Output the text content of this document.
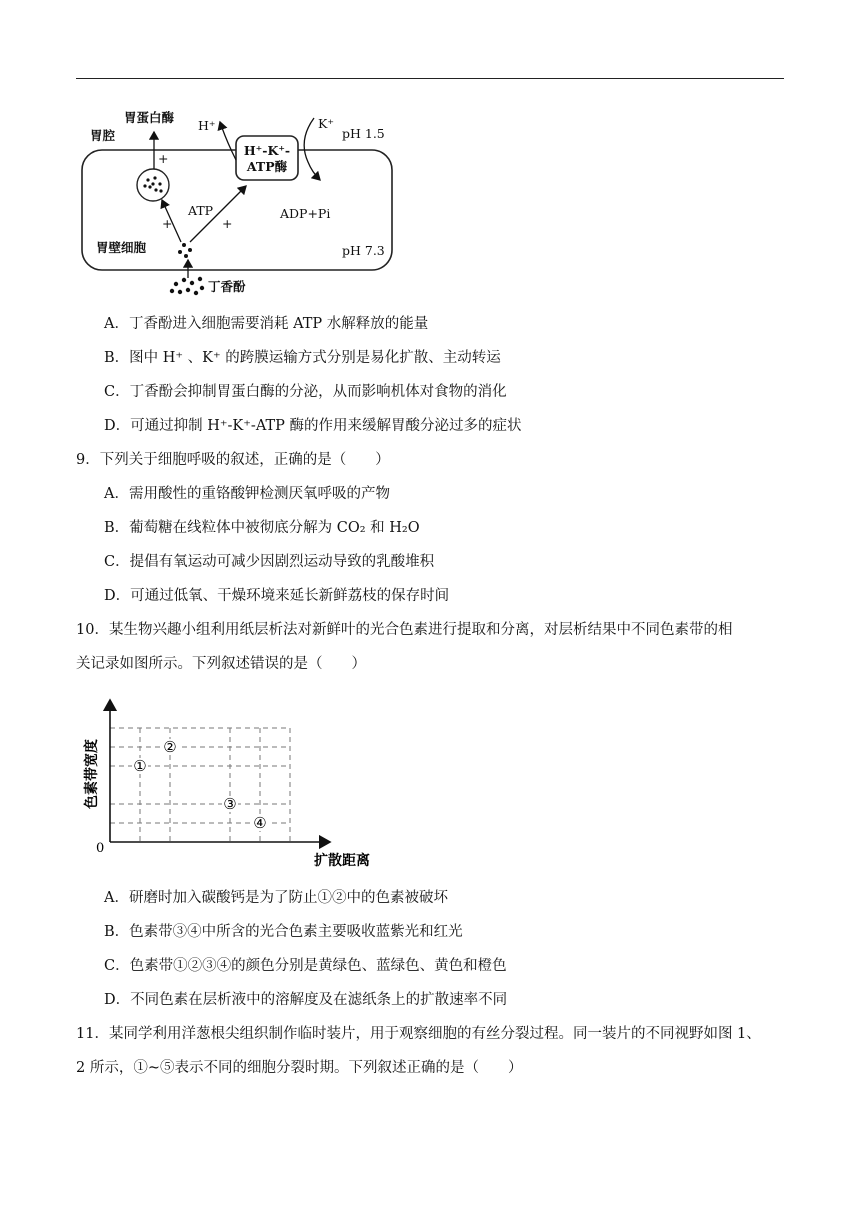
H⁺-K⁺-
ATP酶
H⁺	K⁺
pH 1.5
胃蛋白酶
胃腔
+
+	+
ATP	ADP+Pi
胃壁细胞	pH 7.3
丁香酚
A．丁香酚进入细胞需要消耗 ATP 水解释放的能量
B．图中 H⁺ 、K⁺ 的跨膜运输方式分别是易化扩散、主动转运
C．丁香酚会抑制胃蛋白酶的分泌，从而影响机体对食物的消化
D．可通过抑制 H⁺-K⁺-ATP 酶的作用来缓解胃酸分泌过多的症状
9．下列关于细胞呼吸的叙述，正确的是（　　）
A．需用酸性的重铬酸钾检测厌氧呼吸的产物
B．葡萄糖在线粒体中被彻底分解为 CO₂ 和 H₂O
C．提倡有氧运动可减少因剧烈运动导致的乳酸堆积
D．可通过低氧、干燥环境来延长新鲜荔枝的保存时间
10．某生物兴趣小组利用纸层析法对新鲜叶的光合色素进行提取和分离，对层析结果中不同色素带的相
关记录如图所示。下列叙述错误的是（　　）
0
色素带宽度
扩散距离
①
②
③
④
A．研磨时加入碳酸钙是为了防止①②中的色素被破坏
B．色素带③④中所含的光合色素主要吸收蓝紫光和红光
C．色素带①②③④的颜色分别是黄绿色、蓝绿色、黄色和橙色
D．不同色素在层析液中的溶解度及在滤纸条上的扩散速率不同
11．某同学利用洋葱根尖组织制作临时装片，用于观察细胞的有丝分裂过程。同一装片的不同视野如图 1、
2 所示，①~⑤表示不同的细胞分裂时期。下列叙述正确的是（　　）
